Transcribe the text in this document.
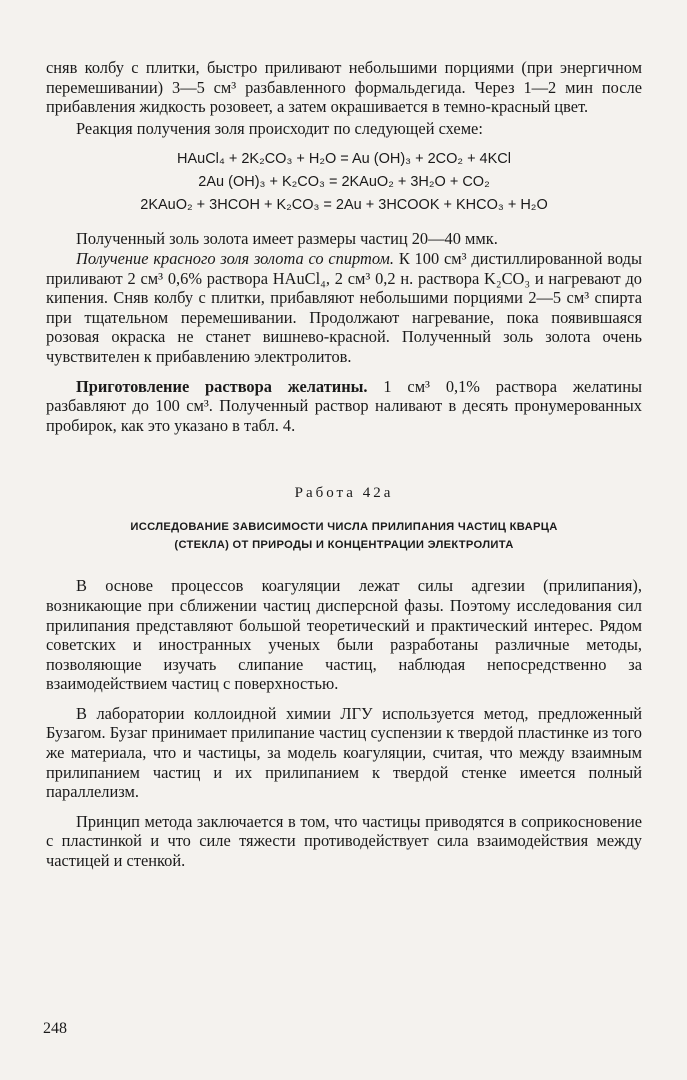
сняв колбу с плитки, быстро приливают небольшими порциями (при энергичном перемешивании) 3—5 см³ разбавленного формальдегида. Через 1—2 мин после прибавления жидкость розовеет, а затем окрашивается в темно-красный цвет.

Реакция получения золя происходит по следующей схеме:

HAuCl₄ + 2K₂CO₃ + H₂O = Au (OH)₃ + 2CO₂ + 4KCl
2Au (OH)₃ + K₂CO₃ = 2KAuO₂ + 3H₂O + CO₂
2KAuO₂ + 3HCOH + K₂CO₃ = 2Au + 3HCOOK + KHCO₃ + H₂O

Полученный золь золота имеет размеры частиц 20—40 ммк.

Получение красного золя золота со спиртом. К 100 см³ дистиллированной воды приливают 2 см³ 0,6% раствора HAuCl₄, 2 см³ 0,2 н. раствора K₂CO₃ и нагревают до кипения. Сняв колбу с плитки, прибавляют небольшими порциями 2—5 см³ спирта при тщательном перемешивании. Продолжают нагревание, пока появившаяся розовая окраска не станет вишнево-красной. Полученный золь золота очень чувствителен к прибавлению электролитов.

Приготовление раствора желатины. 1 см³ 0,1% раствора желатины разбавляют до 100 см³. Полученный раствор наливают в десять пронумерованных пробирок, как это указано в табл. 4.

Работа 42а
ИССЛЕДОВАНИЕ ЗАВИСИМОСТИ ЧИСЛА ПРИЛИПАНИЯ ЧАСТИЦ КВАРЦА
(СТЕКЛА) ОТ ПРИРОДЫ И КОНЦЕНТРАЦИИ ЭЛЕКТРОЛИТА

В основе процессов коагуляции лежат силы адгезии (прилипания), возникающие при сближении частиц дисперсной фазы. Поэтому исследования сил прилипания представляют большой теоретический и практический интерес. Рядом советских и иностранных ученых были разработаны различные методы, позволяющие изучать слипание частиц, наблюдая непосредственно за взаимодействием частиц с поверхностью.

В лаборатории коллоидной химии ЛГУ используется метод, предложенный Бузагом. Бузаг принимает прилипание частиц суспензии к твердой пластинке из того же материала, что и частицы, за модель коагуляции, считая, что между взаимным прилипанием частиц и их прилипанием к твердой стенке имеется полный параллелизм.

Принцип метода заключается в том, что частицы приводятся в соприкосновение с пластинкой и что силе тяжести противодействует сила взаимодействия между частицей и стенкой.

248
